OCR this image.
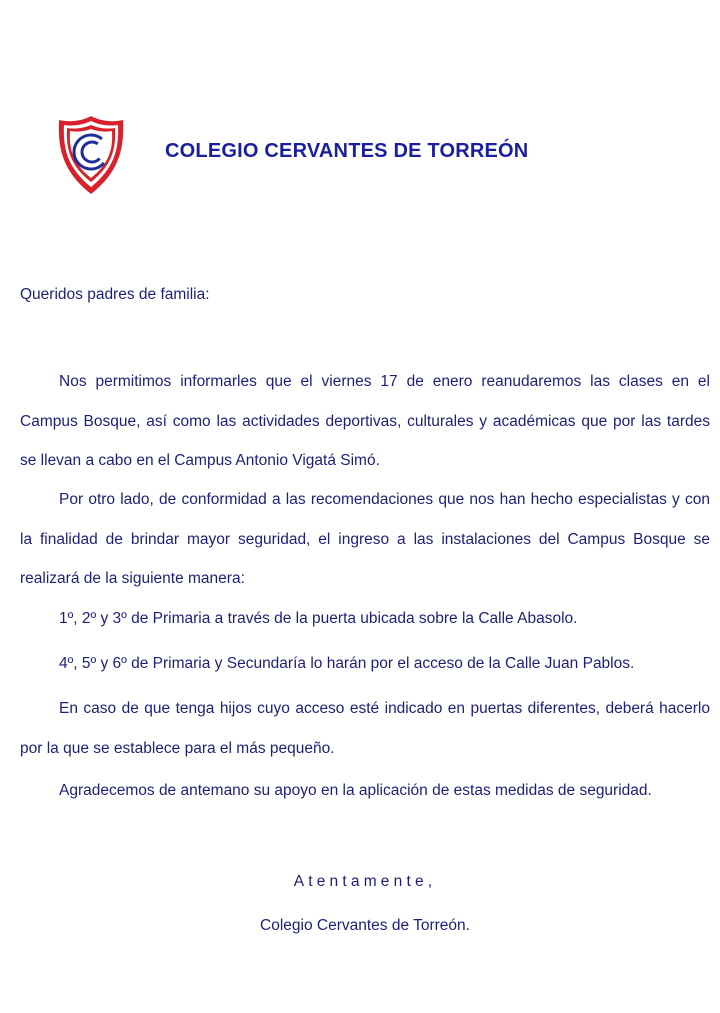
COLEGIO CERVANTES DE TORREÓN
Queridos padres de familia:
Nos permitimos informarles que el viernes 17 de enero reanudaremos las clases en el Campus Bosque, así como las actividades deportivas, culturales y académicas que por las tardes se llevan a cabo en el Campus Antonio Vigatá Simó.
Por otro lado, de conformidad a las recomendaciones que nos han hecho especialistas y con la finalidad de brindar mayor seguridad, el ingreso a las instalaciones del Campus Bosque se realizará de la siguiente manera:
1º, 2º y 3º de Primaria a través de la puerta ubicada sobre la Calle Abasolo.
4º, 5º y 6º de Primaria y Secundaría lo harán por el acceso de la Calle Juan Pablos.
En caso de que tenga hijos cuyo acceso esté indicado en puertas diferentes, deberá hacerlo por la que se establece para el más pequeño.
Agradecemos de antemano su apoyo en la aplicación de estas medidas de seguridad.
Atentamente,
Colegio Cervantes de Torreón.
